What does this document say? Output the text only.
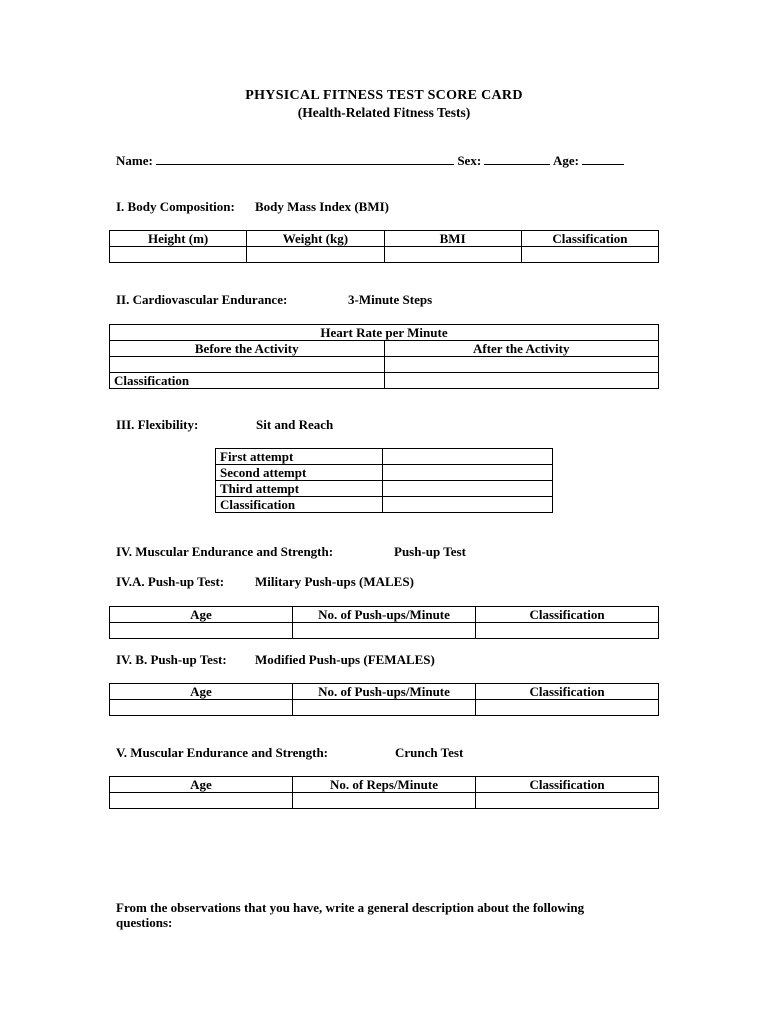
PHYSICAL FITNESS TEST SCORE CARD
(Health-Related Fitness Tests)
Name:	Sex:	Age:
I. Body Composition: Body Mass Index (BMI)
Height (m)	Weight (kg)	BMI	Classification

II. Cardiovascular Endurance:	3-Minute Steps
Heart Rate per Minute	
Before the Activity	After the Activity

Classification	
III. Flexibility:	Sit and Reach
First attempt	
Second attempt	
Third attempt	
Classification	
IV. Muscular Endurance and Strength:	Push-up Test
IV.A. Push-up Test: Military Push-ups (MALES)
Age	No. of Push-ups/Minute	Classification

IV. B. Push-up Test: Modified Push-ups (FEMALES)
Age	No. of Push-ups/Minute	Classification

V. Muscular Endurance and Strength:	Crunch Test
Age	No. of Reps/Minute	Classification

From the observations that you have, write a general description about the following
questions:
